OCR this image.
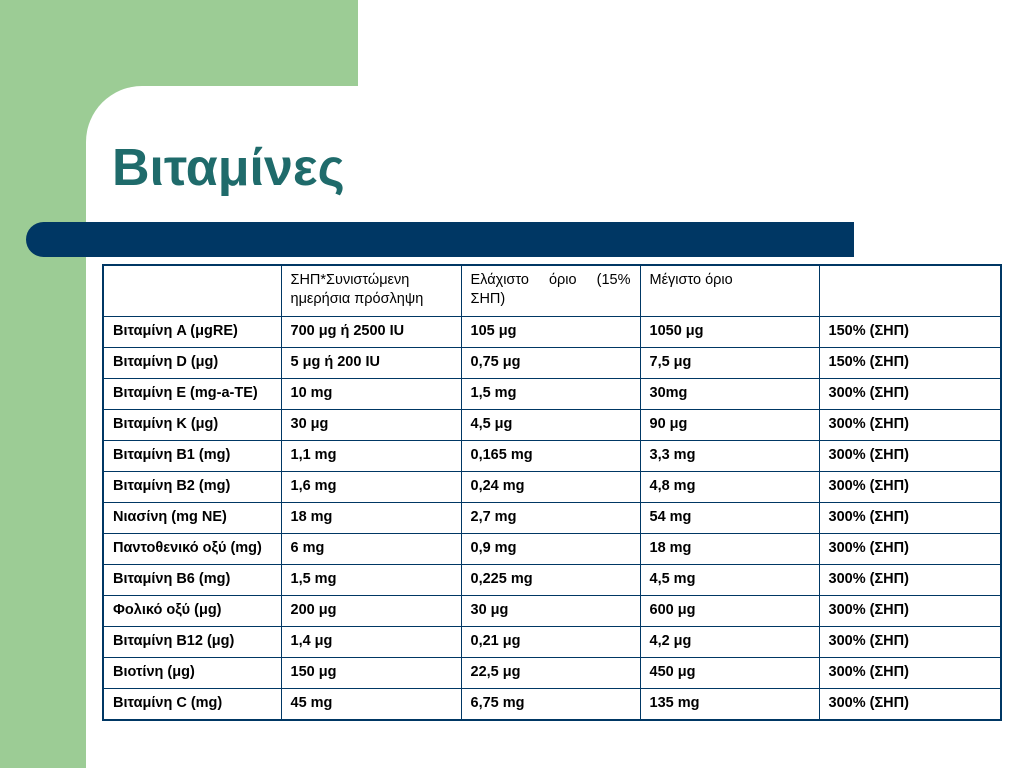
Βιταμίνες
	ΣΗΠ*Συνιστώμενη ημερήσια πρόσληψη	Ελάχιστο όριο (15% ΣΗΠ)	Μέγιστο όριο	
Βιταμίνη A (μgRE)	700 μg ή 2500 IU	105 μg	1050 μg	150% (ΣΗΠ)
Βιταμίνη D (μg)	5 μg ή 200 IU	0,75 μg	7,5 μg	150% (ΣΗΠ)
Βιταμίνη E (mg-a-TE)	10 mg	1,5 mg	30mg	300% (ΣΗΠ)
Βιταμίνη K (μg)	30 μg	4,5 μg	90 μg	300% (ΣΗΠ)
Βιταμίνη B1 (mg)	1,1 mg	0,165 mg	3,3 mg	300% (ΣΗΠ)
Βιταμίνη B2 (mg)	1,6 mg	0,24 mg	4,8 mg	300% (ΣΗΠ)
Νιασίνη (mg NE)	18 mg	2,7 mg	54 mg	300% (ΣΗΠ)
Παντοθενικό οξύ (mg)	6 mg	0,9 mg	18 mg	300% (ΣΗΠ)
Βιταμίνη B6 (mg)	1,5 mg	0,225 mg	4,5 mg	300% (ΣΗΠ)
Φολικό οξύ (μg)	200 μg	30 μg	600 μg	300% (ΣΗΠ)
Βιταμίνη B12 (μg)	1,4 μg	0,21 μg	4,2 μg	300% (ΣΗΠ)
Βιοτίνη (μg)	150 μg	22,5 μg	450 μg	300% (ΣΗΠ)
Βιταμίνη C (mg)	45 mg	6,75 mg	135 mg	300% (ΣΗΠ)
